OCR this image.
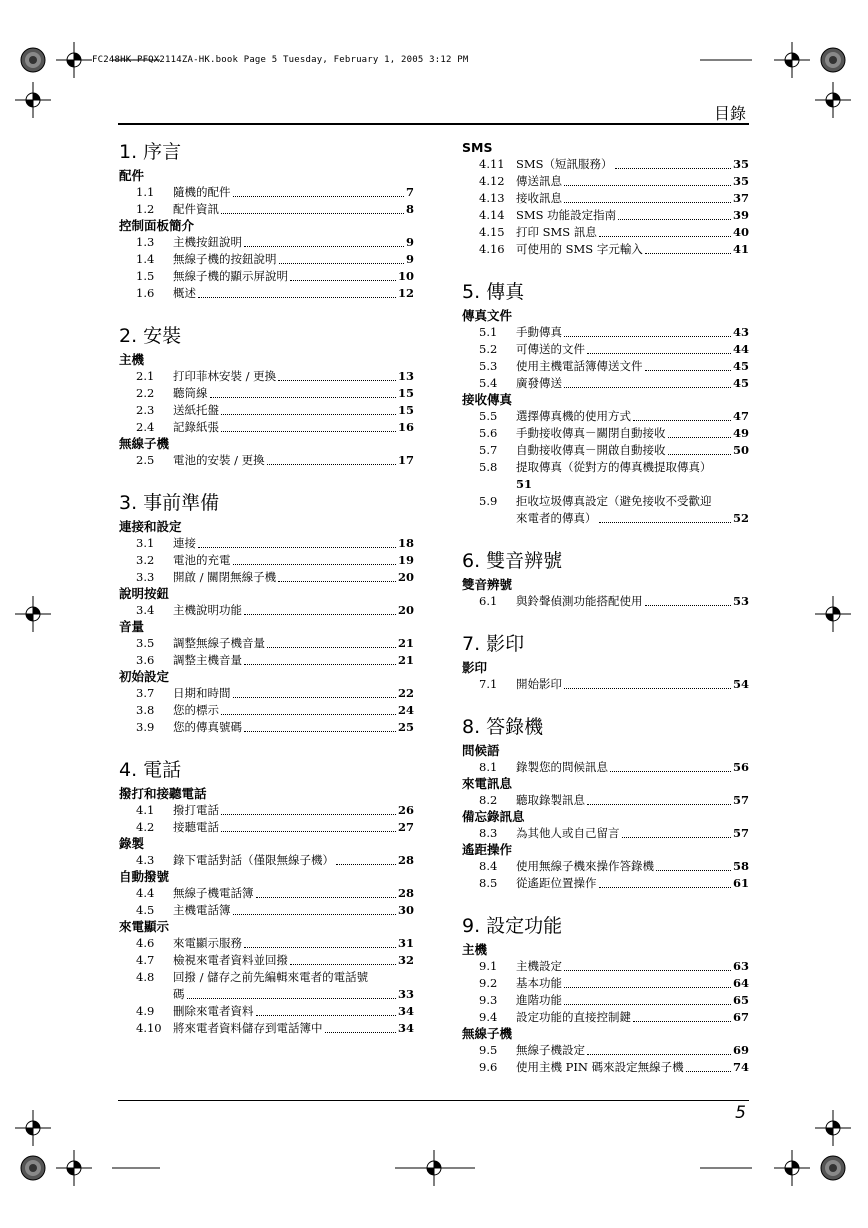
FC248HK-PFQX2114ZA-HK.book Page 5 Tuesday, February 1, 2005 3:12 PM
目錄
1. 序言
配件
1.1	隨機的配件	7
1.2	配件資訊	8
控制面板簡介
1.3	主機按鈕說明	9
1.4	無線子機的按鈕說明	9
1.5	無線子機的顯示屏說明	10
1.6	概述	12
2. 安裝
主機
2.1	打印菲林安裝 / 更換	13
2.2	聽筒線	15
2.3	送紙托盤	15
2.4	記錄紙張	16
無線子機
2.5	電池的安裝 / 更換	17
3. 事前準備
連接和設定
3.1	連接	18
3.2	電池的充電	19
3.3	開啟 / 關閉無線子機	20
說明按鈕
3.4	主機說明功能	20
音量
3.5	調整無線子機音量	21
3.6	調整主機音量	21
初始設定
3.7	日期和時間	22
3.8	您的標示	24
3.9	您的傳真號碼	25
4. 電話
撥打和接聽電話
4.1	撥打電話	26
4.2	接聽電話	27
錄製
4.3	錄下電話對話（僅限無線子機）	28
自動撥號
4.4	無線子機電話簿	28
4.5	主機電話簿	30
來電顯示
4.6	來電顯示服務	31
4.7	檢視來電者資料並回撥	32
4.8	回撥 / 儲存之前先編輯來電者的電話號
碼	33
4.9	刪除來電者資料	34
4.10 將來電者資料儲存到電話簿中	34
SMS
4.11 SMS（短訊服務）	35
4.12 傳送訊息	35
4.13 接收訊息	37
4.14 SMS 功能設定指南	39
4.15 打印 SMS 訊息	40
4.16 可使用的 SMS 字元輸入	41
5. 傳真
傳真文件
5.1	手動傳真	43
5.2	可傳送的文件	44
5.3	使用主機電話簿傳送文件	45
5.4	廣發傳送	45
接收傳真
5.5	選擇傳真機的使用方式	47
5.6	手動接收傳真－關閉自動接收	49
5.7	自動接收傳真－開啟自動接收	50
5.8	提取傳真（從對方的傳真機提取傳真）
51
5.9	拒收垃圾傳真設定（避免接收不受歡迎
來電者的傳真）	52
6. 雙音辨號
雙音辨號
6.1	與鈴聲偵測功能搭配使用	53
7. 影印
影印
7.1	開始影印	54
8. 答錄機
問候語
8.1	錄製您的問候訊息	56
來電訊息
8.2	聽取錄製訊息	57
備忘錄訊息
8.3	為其他人或自己留言	57
遙距操作
8.4	使用無線子機來操作答錄機	58
8.5	從遙距位置操作	61
9. 設定功能
主機
9.1	主機設定	63
9.2	基本功能	64
9.3	進階功能	65
9.4	設定功能的直接控制鍵	67
無線子機
9.5	無線子機設定	69
9.6	使用主機 PIN 碼來設定無線子機	74
5
